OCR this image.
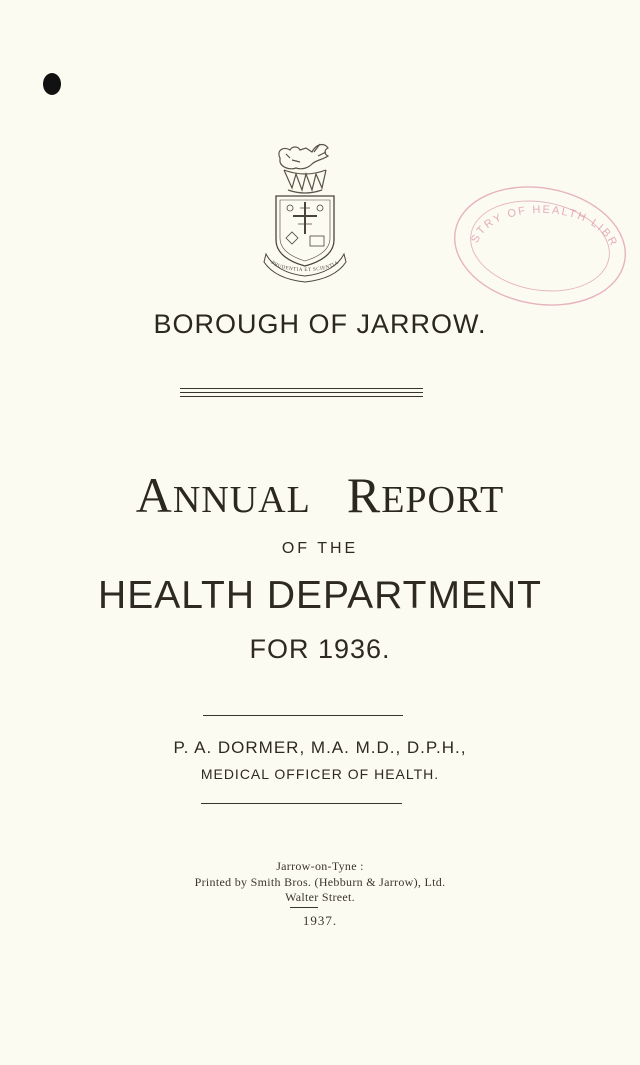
PRUDENTIA ET SCIENTIA
STRY OF HEALTH LIBR
BOROUGH OF JARROW.
ANNUAL REPORT
OF THE
HEALTH DEPARTMENT
FOR 1936.
P. A. DORMER, M.A. M.D., D.P.H.,
MEDICAL OFFICER OF HEALTH.
Jarrow-on-Tyne :
Printed by Smith Bros. (Hebburn & Jarrow), Ltd.
Walter Street.
1937.
